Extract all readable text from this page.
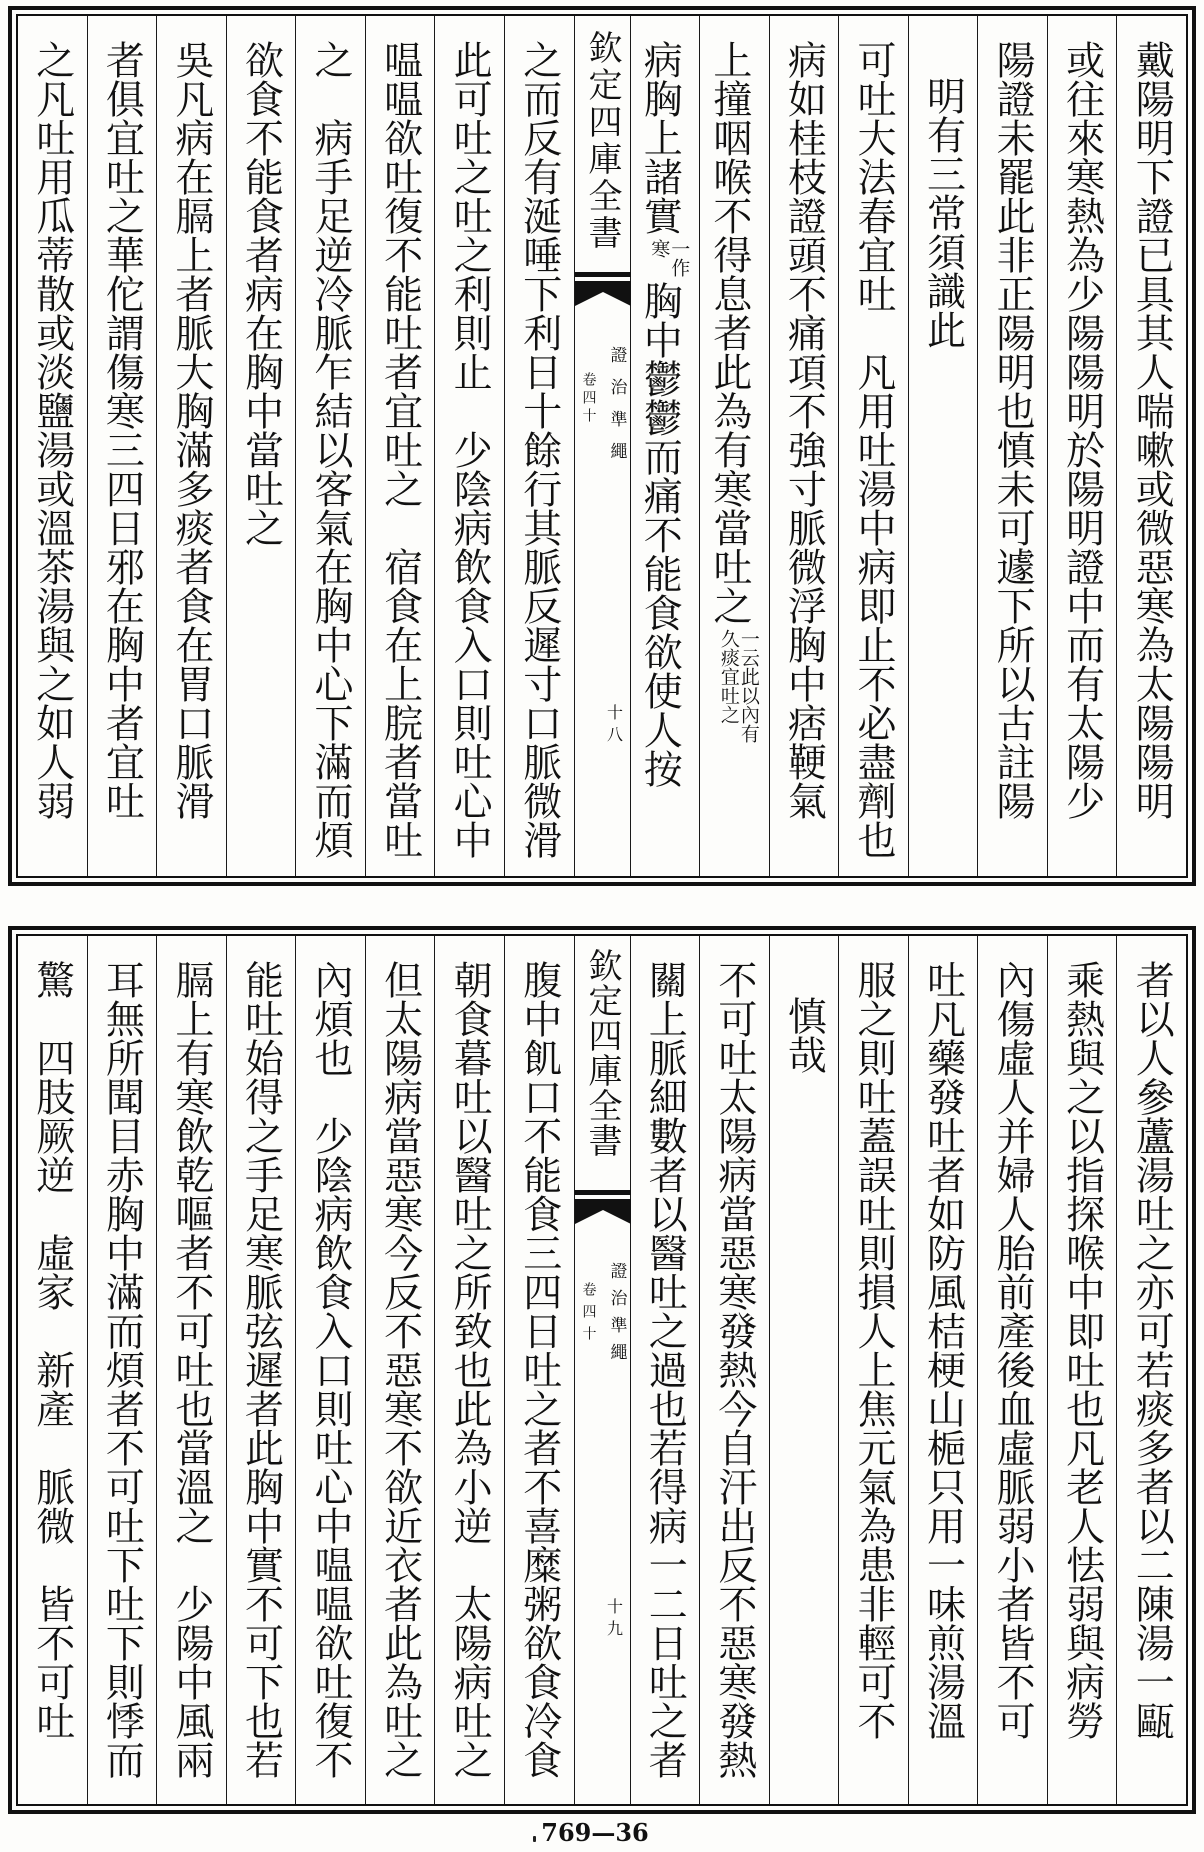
戴陽明下證已具其人喘嗽或微惡寒為太陽陽明
或往來寒熱為少陽陽明於陽明證中而有太陽少
陽證未罷此非正陽明也慎未可遽下所以古註陽
明有三常須識此
可吐大法春宜吐　凡用吐湯中病即止不必盡劑也
病如桂枝證頭不痛項不強寸脈微浮胸中痞鞕氣
上撞咽喉不得息者此為有寒當吐之
一云此以內有
久痰宜吐之
病胸上諸實
一作
寒
胸中鬱鬱而痛不能食欲使人按
欽定四庫全書
證治準繩
卷四十
十八
之而反有涎唾下利日十餘行其脈反遲寸口脈微滑
此可吐之吐之利則止　少陰病飲食入口則吐心中
嗢嗢欲吐復不能吐者宜吐之　宿食在上脘者當吐
之　病手足逆冷脈乍結以客氣在胸中心下滿而煩
欲食不能食者病在胸中當吐之
吳凡病在膈上者脈大胸滿多痰者食在胃口脈滑
者俱宜吐之華佗謂傷寒三四日邪在胸中者宜吐
之凡吐用瓜蒂散或淡鹽湯或溫茶湯與之如人弱
者以人參蘆湯吐之亦可若痰多者以二陳湯一甌
乘熱與之以指探喉中即吐也凡老人怯弱與病勞
內傷虛人并婦人胎前產後血虛脈弱小者皆不可
吐凡藥發吐者如防風桔梗山梔只用一味煎湯溫
服之則吐蓋誤吐則損人上焦元氣為患非輕可不
慎哉
不可吐太陽病當惡寒發熱今自汗出反不惡寒發熱
關上脈細數者以醫吐之過也若得病一二日吐之者
欽定四庫全書
證治準繩
卷四十
十九
腹中飢口不能食三四日吐之者不喜糜粥欲食冷食
朝食暮吐以醫吐之所致也此為小逆　太陽病吐之
但太陽病當惡寒今反不惡寒不欲近衣者此為吐之
內煩也　少陰病飲食入口則吐心中嗢嗢欲吐復不
能吐始得之手足寒脈弦遲者此胸中實不可下也若
膈上有寒飲乾嘔者不可吐也當溫之　少陽中風兩
耳無所聞目赤胸中滿而煩者不可吐下吐下則悸而
驚　四肢厥逆　虛家　新產　脈微　皆不可吐
769—36
